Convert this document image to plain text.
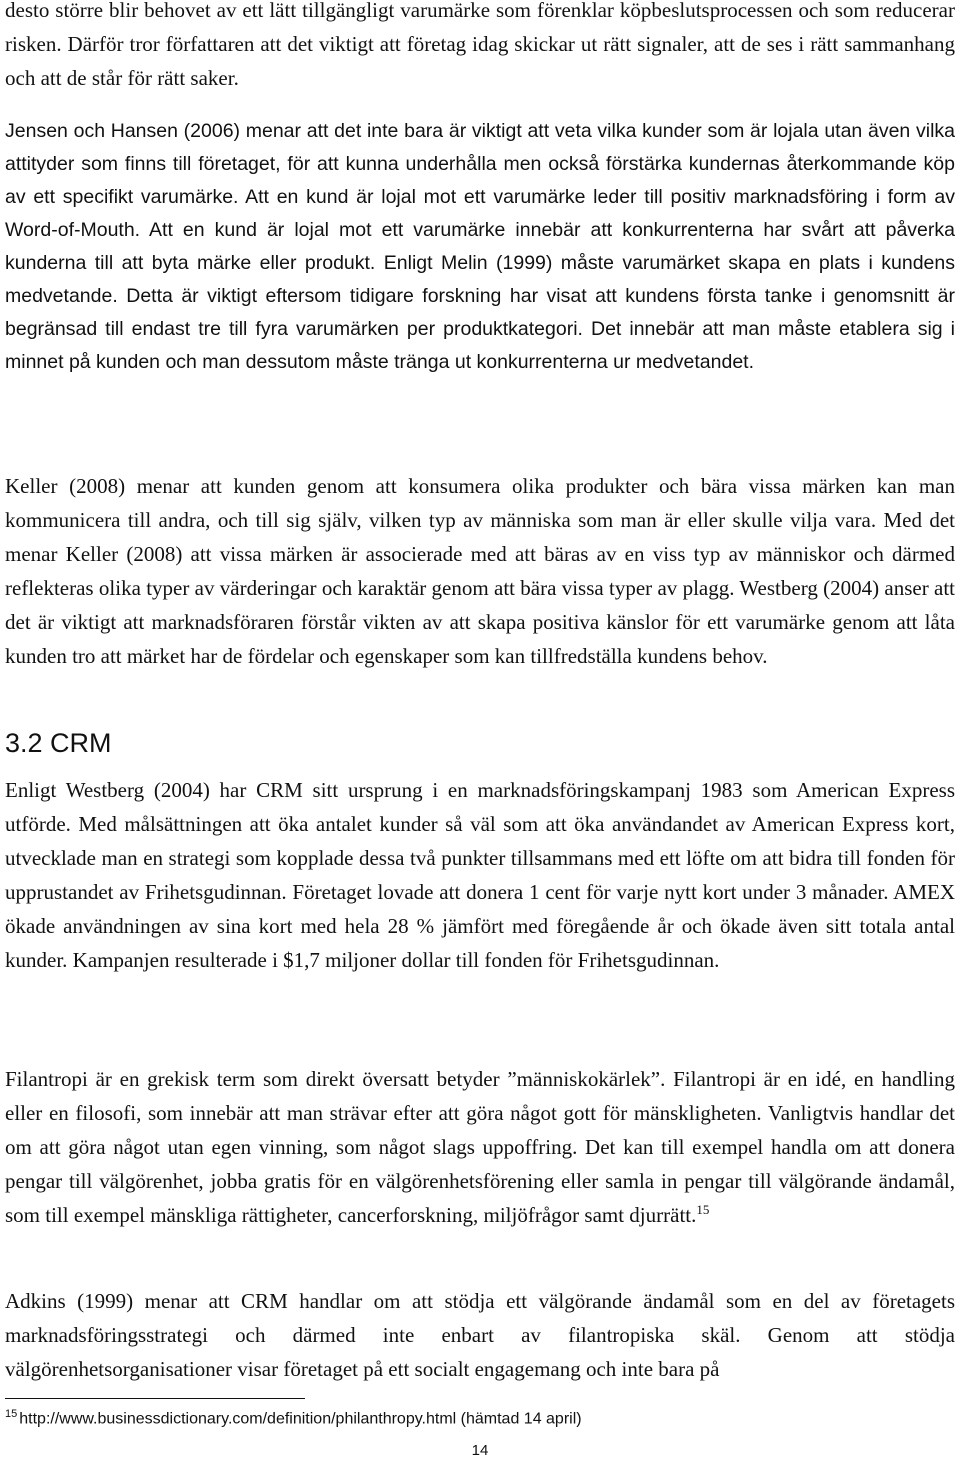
desto större blir behovet av ett lätt tillgängligt varumärke som förenklar köpbeslutsprocessen och som reducerar risken. Därför tror författaren att det viktigt att företag idag skickar ut rätt signaler, att de ses i rätt sammanhang och att de står för rätt saker.

Jensen och Hansen (2006) menar att det inte bara är viktigt att veta vilka kunder som är lojala utan även vilka attityder som finns till företaget, för att kunna underhålla men också förstärka kundernas återkommande köp av ett specifikt varumärke. Att en kund är lojal mot ett varumärke leder till positiv marknadsföring i form av Word-of-Mouth. Att en kund är lojal mot ett varumärke innebär att konkurrenterna har svårt att påverka kunderna till att byta märke eller produkt. Enligt Melin (1999) måste varumärket skapa en plats i kundens medvetande. Detta är viktigt eftersom tidigare forskning har visat att kundens första tanke i genomsnitt är begränsad till endast tre till fyra varumärken per produktkategori. Det innebär att man måste etablera sig i minnet på kunden och man dessutom måste tränga ut konkurrenterna ur medvetandet.

Keller (2008) menar att kunden genom att konsumera olika produkter och bära vissa märken kan man kommunicera till andra, och till sig själv, vilken typ av människa som man är eller skulle vilja vara. Med det menar Keller (2008) att vissa märken är associerade med att bäras av en viss typ av människor och därmed reflekteras olika typer av värderingar och karaktär genom att bära vissa typer av plagg. Westberg (2004) anser att det är viktigt att marknadsföraren förstår vikten av att skapa positiva känslor för ett varumärke genom att låta kunden tro att märket har de fördelar och egenskaper som kan tillfredställa kundens behov.

3.2 CRM

Enligt Westberg (2004) har CRM sitt ursprung i en marknadsföringskampanj 1983 som American Express utförde. Med målsättningen att öka antalet kunder så väl som att öka användandet av American Express kort, utvecklade man en strategi som kopplade dessa två punkter tillsammans med ett löfte om att bidra till fonden för upprustandet av Frihetsgudinnan. Företaget lovade att donera 1 cent för varje nytt kort under 3 månader. AMEX ökade användningen av sina kort med hela 28 % jämfört med föregående år och ökade även sitt totala antal kunder. Kampanjen resulterade i $1,7 miljoner dollar till fonden för Frihetsgudinnan.

Filantropi är en grekisk term som direkt översatt betyder ”människokärlek”. Filantropi är en idé, en handling eller en filosofi, som innebär att man strävar efter att göra något gott för mänskligheten. Vanligtvis handlar det om att göra något utan egen vinning, som något slags uppoffring. Det kan till exempel handla om att donera pengar till välgörenhet, jobba gratis för en välgörenhetsförening eller samla in pengar till välgörande ändamål, som till exempel mänskliga rättigheter, cancerforskning, miljöfrågor samt djurrätt.$^{15}$

Adkins (1999) menar att CRM handlar om att stödja ett välgörande ändamål som en del av företagets marknadsföringsstrategi och därmed inte enbart av filantropiska skäl. Genom att stödja välgörenhetsorganisationer visar företaget på ett socialt engagemang och inte bara på

$^{15}$ http://www.businessdictionary.com/definition/philanthropy.html (hämtad 14 april)
14
